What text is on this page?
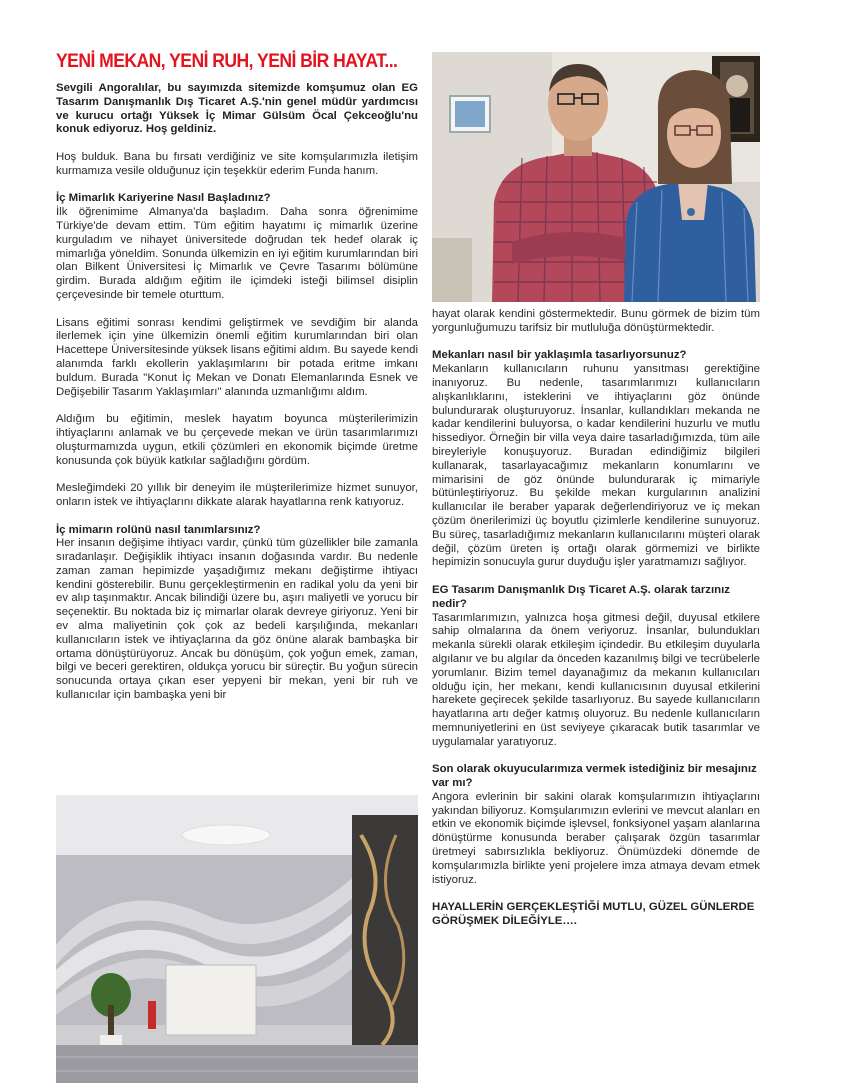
YENİ MEKAN, YENİ RUH, YENİ BİR HAYAT...

Sevgili Angoralılar, bu sayımızda sitemizde komşumuz olan EG Tasarım Danışmanlık Dış Ticaret A.Ş.'nin genel müdür yardımcısı ve kurucu ortağı Yüksek İç Mimar Gülsüm Öcal Çekceoğlu'nu konuk ediyoruz. Hoş geldiniz.

Hoş bulduk. Bana bu fırsatı verdiğiniz ve site komşularımızla iletişim kurmamıza vesile olduğunuz için teşekkür ederim Funda hanım.

İç Mimarlık Kariyerine Nasıl Başladınız?

İlk öğrenimime Almanya'da başladım. Daha sonra öğrenimime Türkiye'de devam ettim. Tüm eğitim hayatımı iç mimarlık üzerine kurguladım ve nihayet üniversitede doğrudan tek hedef olarak iç mimarlığa yöneldim. Sonunda ülkemizin en iyi eğitim kurumlarından biri olan Bilkent Üniversitesi İç Mimarlık ve Çevre Tasarımı bölümüne girdim. Burada aldığım eğitim ile içimdeki isteği bilimsel disiplin çerçevesinde bir temele oturttum.

Lisans eğitimi sonrası kendimi geliştirmek ve sevdiğim bir alanda ilerlemek için yine ülkemizin önemli eğitim kurumlarından biri olan Hacettepe Üniversitesinde yüksek lisans eğitimi aldım. Bu sayede kendi alanımda farklı ekollerin yaklaşımlarını bir potada eritme imkanı buldum. Burada "Konut İç Mekan ve Donatı Elemanlarında Esnek ve Değişebilir Tasarım Yaklaşımları" alanında uzmanlığımı aldım.

Aldığım bu eğitimin, meslek hayatım boyunca müşterilerimizin ihtiyaçlarını anlamak ve bu çerçevede mekan ve ürün tasarımlarımızı oluşturmamızda uygun, etkili çözümleri en ekonomik biçimde üretme konusunda çok büyük katkılar sağladığını gördüm.

Mesleğimdeki 20 yıllık bir deneyim ile müşterilerimize hizmet sunuyor, onların istek ve ihtiyaçlarını dikkate alarak hayatlarına renk katıyoruz.

İç mimarın rolünü nasıl tanımlarsınız?

Her insanın değişime ihtiyacı vardır, çünkü tüm güzellikler bile zamanla sıradanlaşır. Değişiklik ihtiyacı insanın doğasında vardır. Bu nedenle zaman zaman hepimizde yaşadığımız mekanı değiştirme ihtiyacı kendini gösterebilir. Bunu gerçekleştirmenin en radikal yolu da yeni bir ev alıp taşınmaktır. Ancak bilindiği üzere bu, aşırı maliyetli ve yorucu bir seçenektir. Bu noktada biz iç mimarlar olarak devreye giriyoruz. Yeni bir ev alma maliyetinin çok çok az bedeli karşılığında, mekanları kullanıcıların istek ve ihtiyaçlarına da göz önüne alarak bambaşka bir ortama dönüştürüyoruz. Ancak bu dönüşüm, çok yoğun emek, zaman, bilgi ve beceri gerektiren, oldukça yorucu bir süreçtir. Bu yoğun sürecin sonucunda ortaya çıkan eser yepyeni bir mekan, yeni bir ruh ve kullanıcılar için bambaşka yeni bir

hayat olarak kendini göstermektedir. Bunu görmek de bizim tüm yorgunluğumuzu tarifsiz bir mutluluğa dönüştürmektedir.

Mekanları nasıl bir yaklaşımla tasarlıyorsunuz?

Mekanların kullanıcıların ruhunu yansıtması gerektiğine inanıyoruz. Bu nedenle, tasarımlarımızı kullanıcıların alışkanlıklarını, isteklerini ve ihtiyaçlarını göz önünde bulundurarak oluşturuyoruz. İnsanlar, kullandıkları mekanda ne kadar kendilerini buluyorsa, o kadar kendilerini huzurlu ve mutlu hissediyor. Örneğin bir villa veya daire tasarladığımızda, tüm aile bireyleriyle konuşuyoruz. Buradan edindiğimiz bilgileri kullanarak, tasarlayacağımız mekanların konumlarını ve mimarisini de göz önünde bulundurarak iç mimariyle bütünleştiriyoruz. Bu şekilde mekan kurgularının analizini kullanıcılar ile beraber yaparak değerlendiriyoruz ve iç mekan çözüm önerilerimizi üç boyutlu çizimlerle kendilerine sunuyoruz. Bu süreç, tasarladığımız mekanların kullanıcılarını müşteri olarak değil, çözüm üreten iş ortağı olarak görmemizi ve birlikte hepimizin sonucuyla gurur duyduğu işler yaratmamızı sağlıyor.

EG Tasarım Danışmanlık Dış Ticaret A.Ş. olarak tarzınız nedir?

Tasarımlarımızın, yalnızca hoşa gitmesi değil, duyusal etkilere sahip olmalarına da önem veriyoruz. İnsanlar, bulundukları mekanla sürekli olarak etkileşim içindedir. Bu etkileşim duyularla algılanır ve bu algılar da önceden kazanılmış bilgi ve tecrübelerle yorumlanır. Bizim temel dayanağımız da mekanın kullanıcıları olduğu için, her mekanı, kendi kullanıcısının duyusal etkilerini harekete geçirecek şekilde tasarlıyoruz. Bu sayede kullanıcıların hayatlarına artı değer katmış oluyoruz. Bu nedenle kullanıcıların memnuniyetlerini en üst seviyeye çıkaracak butik tasarımlar ve uygulamalar yaratıyoruz.

Son olarak okuyucularımıza vermek istediğiniz bir mesajınız var mı?

Angora evlerinin bir sakini olarak komşularımızın ihtiyaçlarını yakından biliyoruz. Komşularımızın evlerini ve mevcut alanları en etkin ve ekonomik biçimde işlevsel, fonksiyonel yaşam alanlarına dönüştürme konusunda beraber çalışarak özgün tasarımlar üretmeyi sabırsızlıkla bekliyoruz. Önümüzdeki dönemde de komşularımızla birlikte yeni projelere imza atmaya devam etmek istiyoruz.

HAYALLERİN GERÇEKLEŞTİĞİ MUTLU, GÜZEL GÜNLERDE GÖRÜŞMEK DİLEĞİYLE….
